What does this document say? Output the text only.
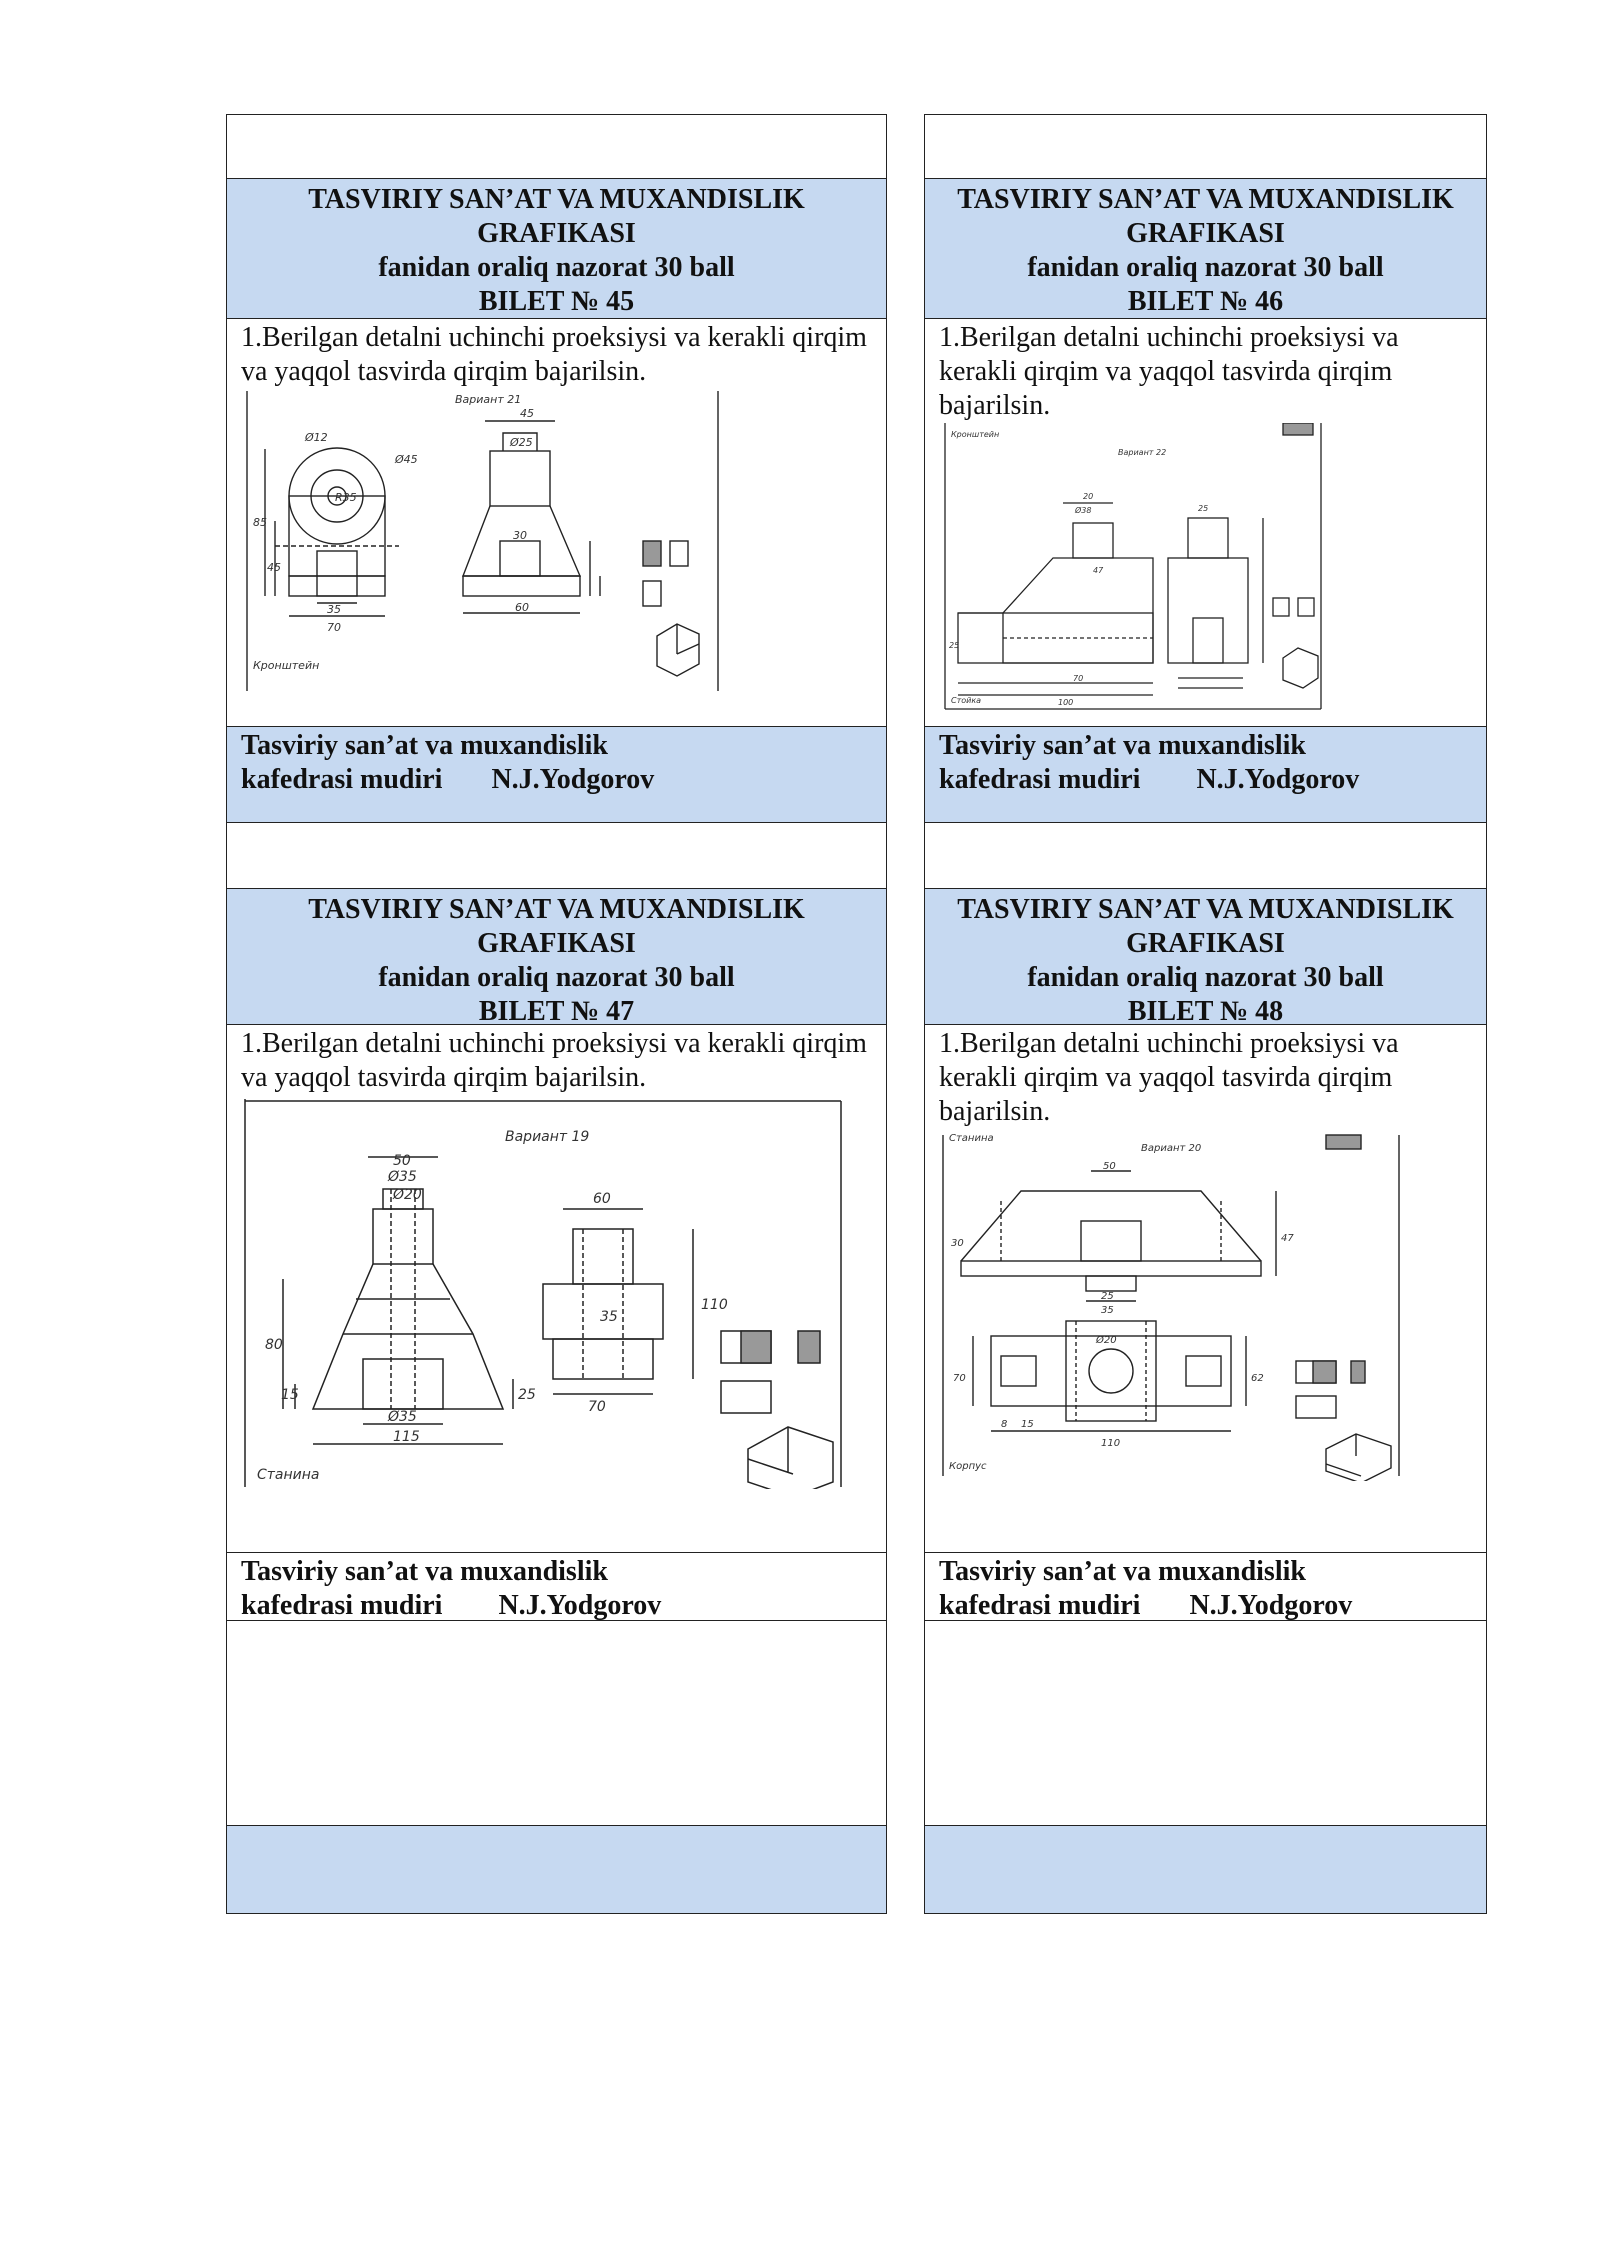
TASVIRIY SAN’AT VA MUXANDISLIK
GRAFIKASI
fanidan oraliq nazorat 30 ball
BILET № 45
1.Berilgan detalni uchinchi proeksiysi va kerakli qirqim va yaqqol tasvirda qirqim bajarilsin.
Вариант 21
Ø12
Ø45
R35
85
45
35
70
45
Ø25
30
60
Кронштейн
Tasviriy san’at va muxandislik
kafedrasi mudiri       N.J.Yodgorov
TASVIRIY SAN’AT VA MUXANDISLIK
GRAFIKASI
fanidan oraliq nazorat 30 ball
BILET № 47
1.Berilgan detalni uchinchi proeksiysi va kerakli qirqim va yaqqol tasvirda qirqim bajarilsin.
Вариант 19
50
Ø35
Ø20	60
80
15	25
Ø35
115
70
35
110
Станина
Tasviriy san’at va muxandislik
kafedrasi mudiri        N.J.Yodgorov
TASVIRIY SAN’AT VA MUXANDISLIK
GRAFIKASI
fanidan oraliq nazorat 30 ball
BILET № 46
1.Berilgan detalni uchinchi proeksiysi va kerakli qirqim va yaqqol tasvirda qirqim bajarilsin.
Кронштейн
Вариант 22
20
Ø38	25
47
100
70
25
Стойка
Tasviriy san’at va muxandislik
kafedrasi mudiri        N.J.Yodgorov
TASVIRIY SAN’AT VA MUXANDISLIK
GRAFIKASI
fanidan oraliq nazorat 30 ball
BILET № 48
1.Berilgan detalni uchinchi proeksiysi va kerakli qirqim va yaqqol tasvirda qirqim bajarilsin.
Станина
Вариант 20
50
30	47
25
35
Ø20
70	62
8 15
110
Корпус
Tasviriy san’at va muxandislik
kafedrasi mudiri       N.J.Yodgorov
